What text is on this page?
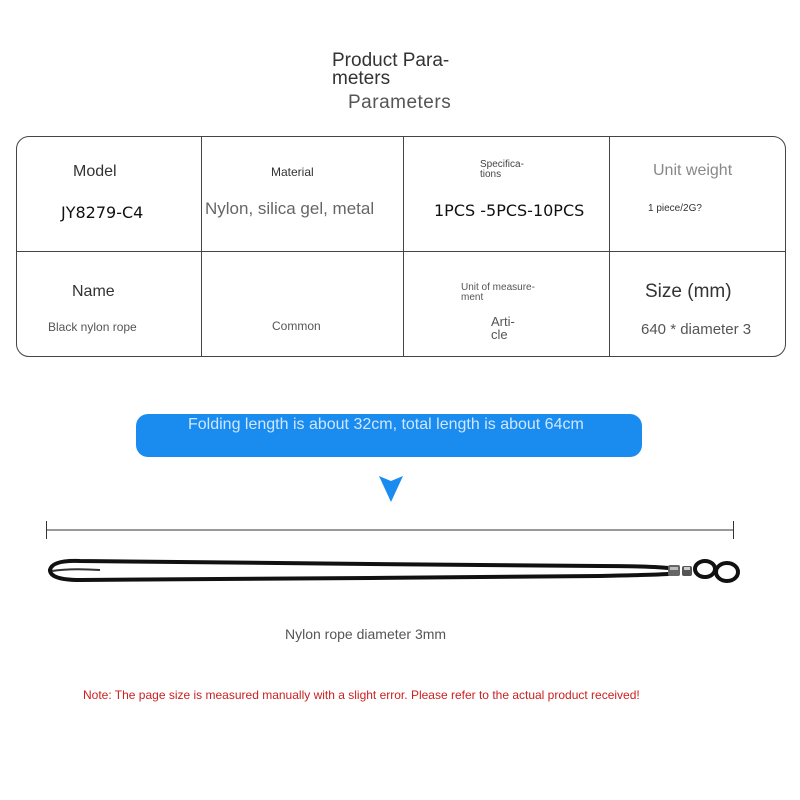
Product Para-
meters
Parameters
Model
JY8279-C4
Material
Nylon, silica gel, metal
Specifica-
tions
1PCS -5PCS-10PCS
Unit weight
1 piece/2G?
Name
Black nylon rope	Common
Unit of measure-
ment
Arti-
cle
Size (mm)
640 * diameter 3
Folding length is about 32cm, total length is about 64cm
Nylon rope diameter 3mm
Note: The page size is measured manually with a slight error. Please refer to the actual product received!
